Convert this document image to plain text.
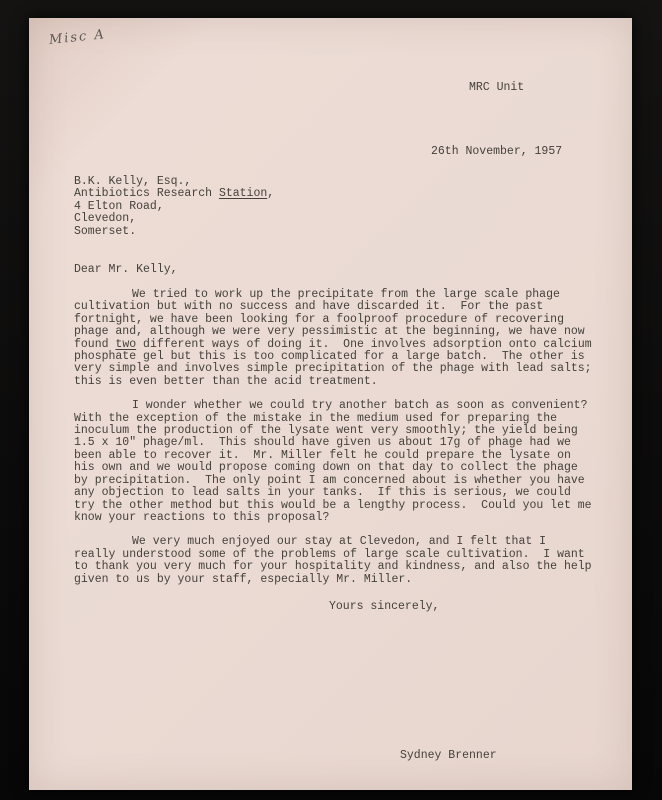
Misc A
MRC Unit
26th November, 1957

B.K. Kelly, Esq.,

Antibiotics Research Station,

4 Elton Road,

Clevedon,

Somerset.

Dear Mr. Kelly,

We tried to work up the precipitate from the large scale phage cultivation but with no success and have discarded it.  For the past fortnight, we have been looking for a foolproof procedure of recovering phage and, although we were very pessimistic at the beginning, we have now found two different ways of doing it.  One involves adsorption onto calcium phosphate gel but this is too complicated for a large batch.  The other is very simple and involves simple precipitation of the phage with lead salts; this is even better than the acid treatment.

I wonder whether we could try another batch as soon as convenient? With the exception of the mistake in the medium used for preparing the inoculum the production of the lysate went very smoothly; the yield being 1.5 x 10" phage/ml.  This should have given us about 17g of phage had we been able to recover it.  Mr. Miller felt he could prepare the lysate on his own and we would propose coming down on that day to collect the phage by precipitation.  The only point I am concerned about is whether you have any objection to lead salts in your tanks.  If this is serious, we could try the other method but this would be a lengthy process.  Could you let me know your reactions to this proposal?

We very much enjoyed our stay at Clevedon, and I felt that I really understood some of the problems of large scale cultivation.  I want to thank you very much for your hospitality and kindness, and also the help given to us by your staff, especially Mr. Miller.

Yours sincerely,
Sydney Brenner
